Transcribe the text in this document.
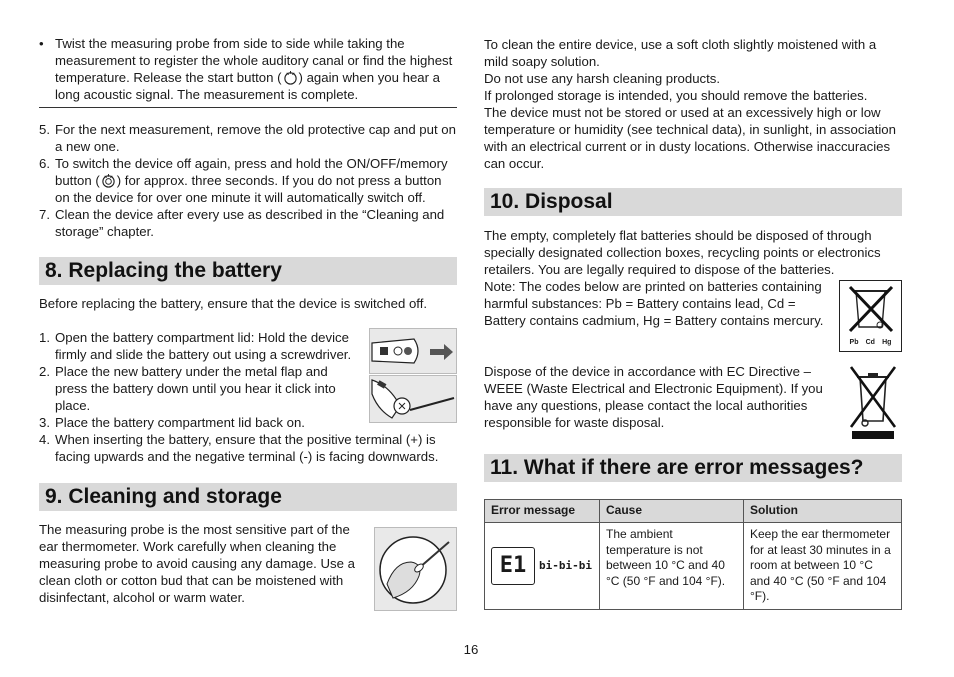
• Twist the measuring probe from side to side while taking the measurement to register the whole auditory canal or find the highest temperature. Release the start button ( ) again when you hear a long acoustic signal. The measurement is complete.

5. For the next measurement, remove the old protective cap and put on a new one.

6. To switch the device off again, press and hold the ON/OFF/memory button ( ) for approx. three seconds. If you do not press a button on the device for over one minute it will automatically switch off.

7. Clean the device after every use as described in the “Cleaning and storage” chapter.

8. Replacing the battery

Before replacing the battery, ensure that the device is switched off.

1. Open the battery compartment lid: Hold the device firmly and slide the battery out using a screwdriver.

2. Place the new battery under the metal flap and press the battery down until you hear it click into place.

3. Place the battery compartment lid back on.

4. When inserting the battery, ensure that the positive terminal (+) is facing upwards and the negative terminal (-) is facing downwards.

9. Cleaning and storage

The measuring probe is the most sensitive part of the ear thermometer. Work carefully when cleaning the measuring probe to avoid causing any damage. Use a clean cloth or cotton bud that can be moistened with disinfectant, alcohol or warm water.

To clean the entire device, use a soft cloth slightly moistened with a mild soapy solution.

Do not use any harsh cleaning products.

If prolonged storage is intended, you should remove the batteries.

The device must not be stored or used at an excessively high or low temperature or humidity (see technical data), in sunlight, in association with an electrical current or in dusty locations. Otherwise inaccuracies can occur.

10. Disposal

The empty, completely flat batteries should be disposed of through specially designated collection boxes, recycling points or electronics retailers. You are legally required to dispose of the batteries.

Note: The codes below are printed on batteries containing harmful substances: Pb = Battery contains lead, Cd = Battery contains cadmium, Hg = Battery contains mercury.

Dispose of the device in accordance with EC Directive – WEEE (Waste Electrical and Electronic Equipment). If you have any questions, please contact the local authorities responsible for waste disposal.

Pb Cd Hg
11. What if there are error messages?
Error message	Cause	Solution

E1 bi-bi-bi	The ambient temperature is not between 10 °C and 40 °C (50 °F and 104 °F).	Keep the ear thermometer for at least 30 minutes in a room at between 10 °C and 40 °C (50 °F and 104 °F).
16
